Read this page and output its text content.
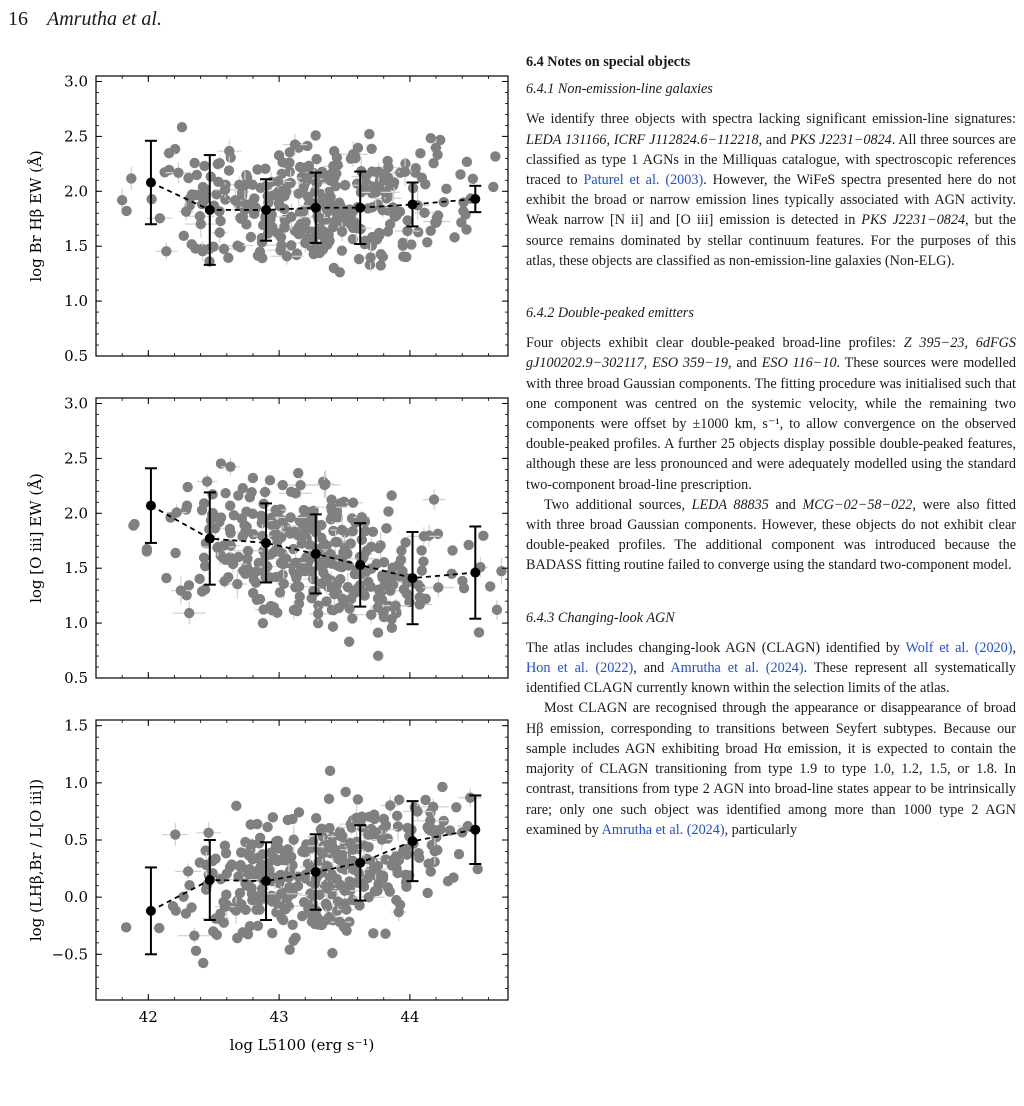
16 Amrutha et al.
0.5
1.0
1.5
2.0
2.5
3.0
log Br Hβ EW (Å)
0.5
1.0
1.5
2.0
2.5
3.0
log [O iii] EW (Å)
−0.5
0.0
0.5
1.0
1.5
42	43	44
log (LHβ,Br / L[O iii])
log L5100 (erg s⁻¹)
6.4 Notes on special objects
6.4.1 Non-emission-line galaxies

We identify three objects with spectra lacking significant emission-line signatures: LEDA 131166, ICRF J112824.6−112218, and PKS J2231−0824. All three sources are classified as type 1 AGNs in the Milliquas catalogue, with spectroscopic references traced to Paturel et al. (2003). However, the WiFeS spectra presented here do not exhibit the broad or narrow emission lines typically associated with AGN activity. Weak narrow [N ii] and [O iii] emission is detected in PKS J2231−0824, but the source remains dominated by stellar continuum features. For the purposes of this atlas, these objects are classified as non-emission-line galaxies (Non-ELG).

6.4.2 Double-peaked emitters

Four objects exhibit clear double-peaked broad-line profiles: Z 395−23, 6dFGS gJ100202.9−302117, ESO 359−19, and ESO 116−10. These sources were modelled with three broad Gaussian components. The fitting procedure was initialised such that one component was centred on the systemic velocity, while the remaining two components were offset by ±1000 km, s⁻¹, to allow convergence on the observed double-peaked profiles. A further 25 objects display possible double-peaked features, although these are less pronounced and were adequately modelled using the standard two-component broad-line prescription.

Two additional sources, LEDA 88835 and MCG−02−58−022, were also fitted with three broad Gaussian components. However, these objects do not exhibit clear double-peaked profiles. The additional component was introduced because the BADASS fitting routine failed to converge using the standard two-component model.

6.4.3 Changing-look AGN

The atlas includes changing-look AGN (CLAGN) identified by Wolf et al. (2020), Hon et al. (2022), and Amrutha et al. (2024). These represent all systematically identified CLAGN currently known within the selection limits of the atlas.

Most CLAGN are recognised through the appearance or disappearance of broad Hβ emission, corresponding to transitions between Seyfert subtypes. Because our sample includes AGN exhibiting broad Hα emission, it is expected to contain the majority of CLAGN transitioning from type 1.9 to type 1.0, 1.2, 1.5, or 1.8. In contrast, transitions from type 2 AGN into broad-line states appear to be intrinsically rare; only one such object was identified among more than 1000 type 2 AGN examined by Amrutha et al. (2024), particularly
